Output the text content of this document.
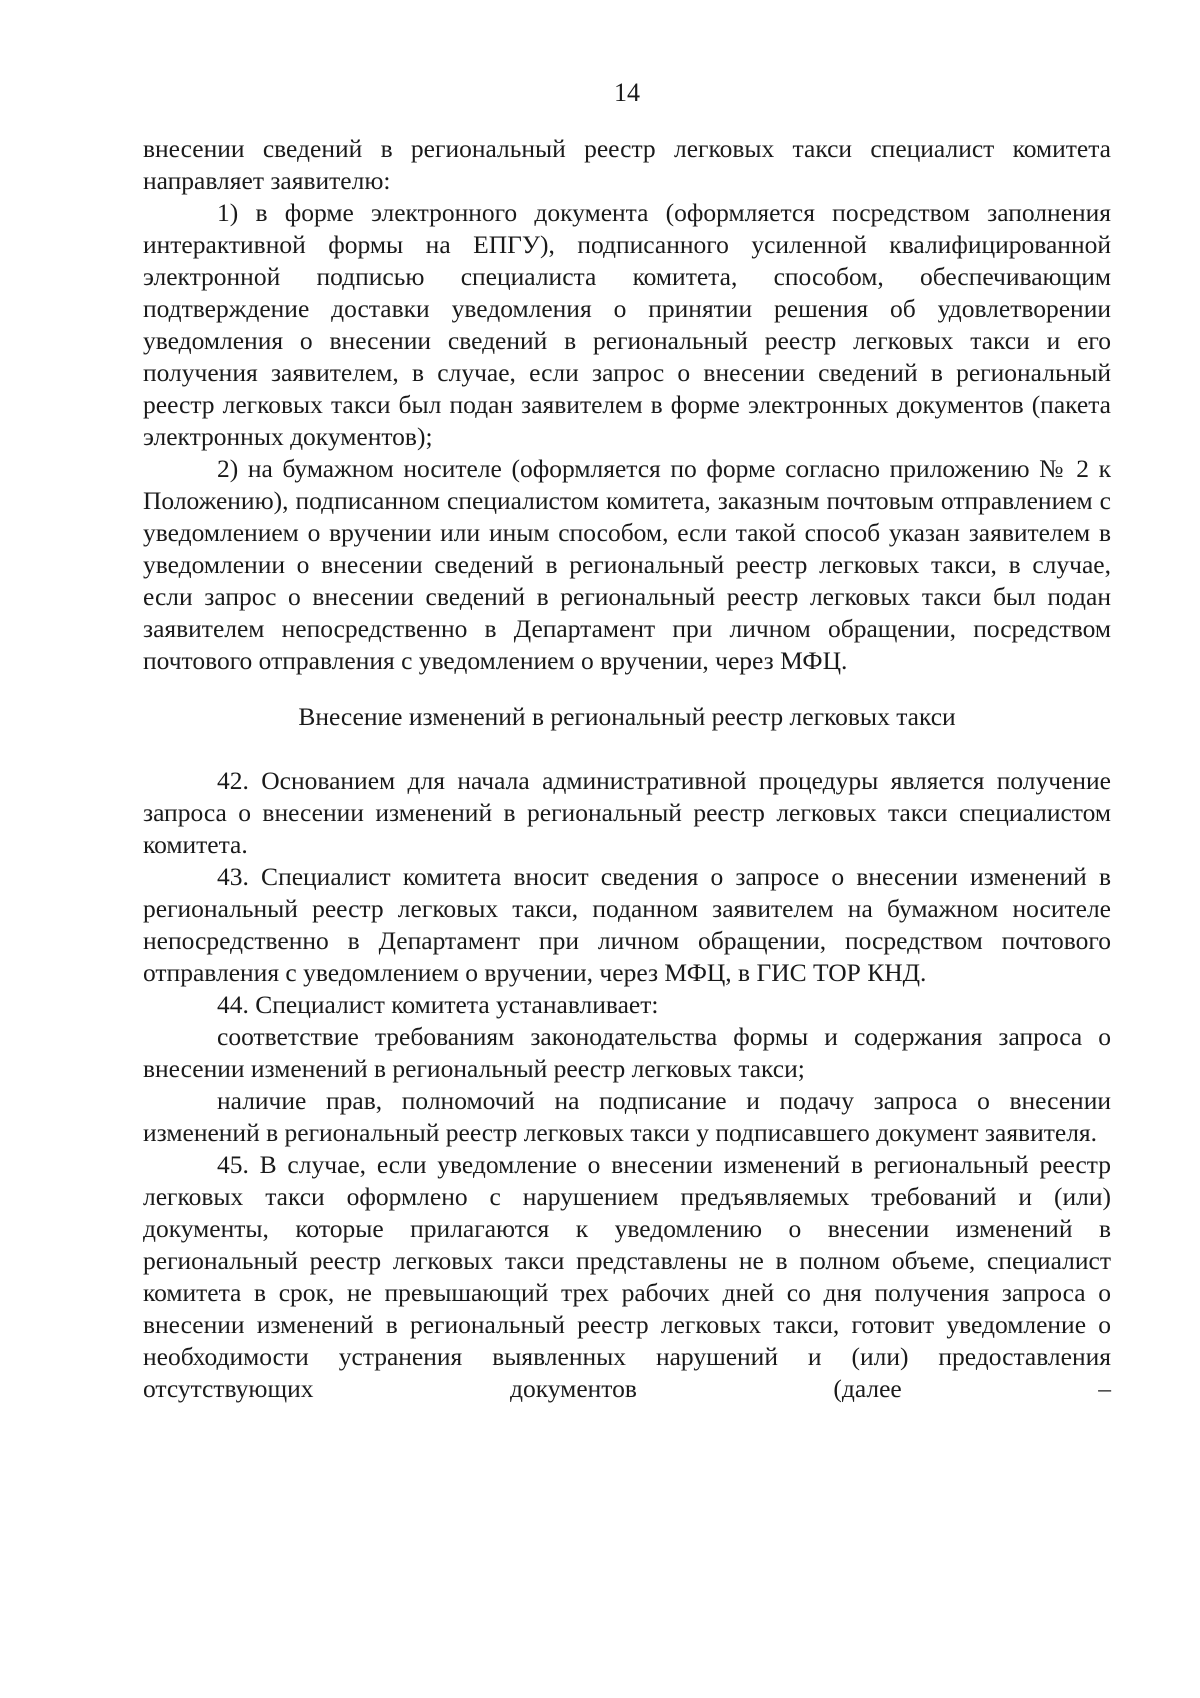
14

внесении сведений в региональный реестр легковых такси специалист комитета направляет заявителю:

1) в форме электронного документа (оформляется посредством заполнения интерактивной формы на ЕПГУ), подписанного усиленной квалифицированной электронной подписью специалиста комитета, способом, обеспечивающим подтверждение доставки уведомления о принятии решения об удовлетворении уведомления о внесении сведений в региональный реестр легковых такси и его получения заявителем, в случае, если запрос о внесении сведений в региональный реестр легковых такси был подан заявителем в форме электронных документов (пакета электронных документов);

2) на бумажном носителе (оформляется по форме согласно приложению № 2 к Положению), подписанном специалистом комитета, заказным почтовым отправлением с уведомлением о вручении или иным способом, если такой способ указан заявителем в уведомлении о внесении сведений в региональный реестр легковых такси, в случае, если запрос о внесении сведений в региональный реестр легковых такси был подан заявителем непосредственно в Департамент при личном обращении, посредством почтового отправления с уведомлением о вручении, через МФЦ.

Внесение изменений в региональный реестр легковых такси

42. Основанием для начала административной процедуры является получение запроса о внесении изменений в региональный реестр легковых такси специалистом комитета.

43. Специалист комитета вносит сведения о запросе о внесении изменений в региональный реестр легковых такси, поданном заявителем на бумажном носителе непосредственно в Департамент при личном обращении, посредством почтового отправления с уведомлением о вручении, через МФЦ, в ГИС ТОР КНД.

44. Специалист комитета устанавливает:

соответствие требованиям законодательства формы и содержания запроса о внесении изменений в региональный реестр легковых такси;

наличие прав, полномочий на подписание и подачу запроса о внесении изменений в региональный реестр легковых такси у подписавшего документ заявителя.

45. В случае, если уведомление о внесении изменений в региональный реестр легковых такси оформлено с нарушением предъявляемых требований и (или) документы, которые прилагаются к уведомлению о внесении изменений в региональный реестр легковых такси представлены не в полном объеме, специалист комитета в срок, не превышающий трех рабочих дней со дня получения запроса о внесении изменений в региональный реестр легковых такси, готовит уведомление о необходимости устранения выявленных нарушений и (или) предоставления отсутствующих документов (далее –
